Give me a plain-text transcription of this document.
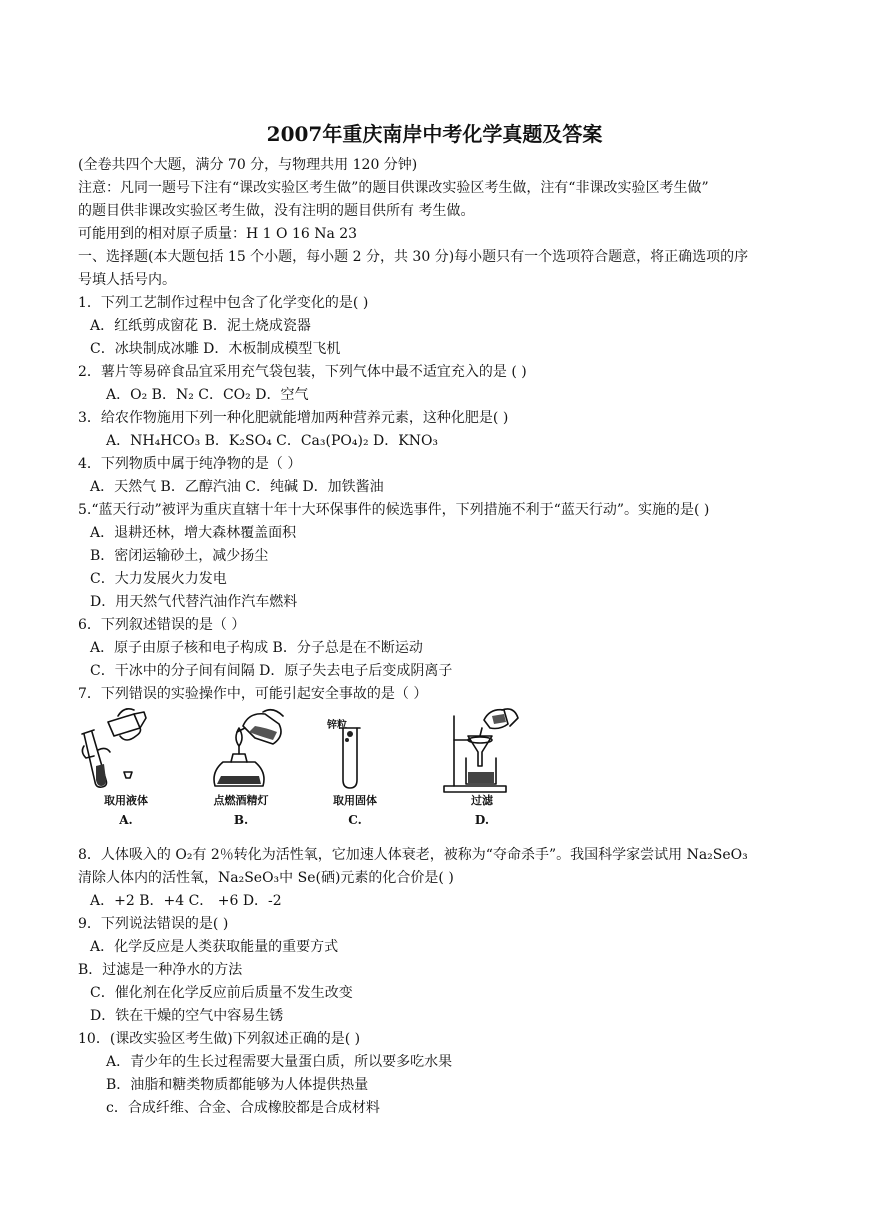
2007年重庆南岸中考化学真题及答案
(全卷共四个大题，满分 70 分，与物理共用 120 分钟)
注意：凡同一题号下注有“课改实验区考生做”的题目供课改实验区考生做，注有“非课改实验区考生做”
的题目供非课改实验区考生做，没有注明的题目供所有 考生做。
可能用到的相对原子质量：H 1 O 16 Na 23
一、选择题(本大题包括 15 个小题，每小题 2 分，共 30 分)每小题只有一个选项符合题意，将正确选项的序
号填人括号内。
1．下列工艺制作过程中包含了化学变化的是( )
A．红纸剪成窗花 B．泥土烧成瓷器
C．冰块制成冰雕 D．木板制成模型飞机
2．薯片等易碎食品宜采用充气袋包装，下列气体中最不适宜充入的是 ( )
A．O₂ B．N₂ C．CO₂ D．空气
3．给农作物施用下列一种化肥就能增加两种营养元素，这种化肥是( )
A．NH₄HCO₃ B．K₂SO₄ C．Ca₃(PO₄)₂ D．KNO₃
4．下列物质中属于纯净物的是（ ）
A．天然气 B．乙醇汽油 C．纯碱 D．加铁酱油
5.“蓝天行动”被评为重庆直辖十年十大环保事件的候选事件，下列措施不利于“蓝天行动”。实施的是( )
A．退耕还林，增大森林覆盖面积
B．密闭运输砂土，减少扬尘
C．大力发展火力发电
D．用天然气代替汽油作汽车燃料
6．下列叙述错误的是（ ）
A．原子由原子核和电子构成 B．分子总是在不断运动
C．干冰中的分子间有间隔 D．原子失去电子后变成阴离子
7．下列错误的实验操作中，可能引起安全事故的是（ ）
8．人体吸入的 O₂有 2％转化为活性氧，它加速人体衰老，被称为“夺命杀手”。我国科学家尝试用 Na₂SeO₃
清除人体内的活性氧，Na₂SeO₃中 Se(硒)元素的化合价是( )
A．+2 B．+4 C． +6 D．-2
9．下列说法错误的是( )
A．化学反应是人类获取能量的重要方式
B．过滤是一种净水的方法
C．催化剂在化学反应前后质量不发生改变
D．铁在干燥的空气中容易生锈
10．(课改实验区考生做)下列叙述正确的是( )
A．青少年的生长过程需要大量蛋白质，所以要多吃水果
B．油脂和糖类物质都能够为人体提供热量
c．合成纤维、合金、合成橡胶都是合成材料
取用液体
A.
点燃酒精灯
B.
锌粒
取用固体
C.
过滤
D.
